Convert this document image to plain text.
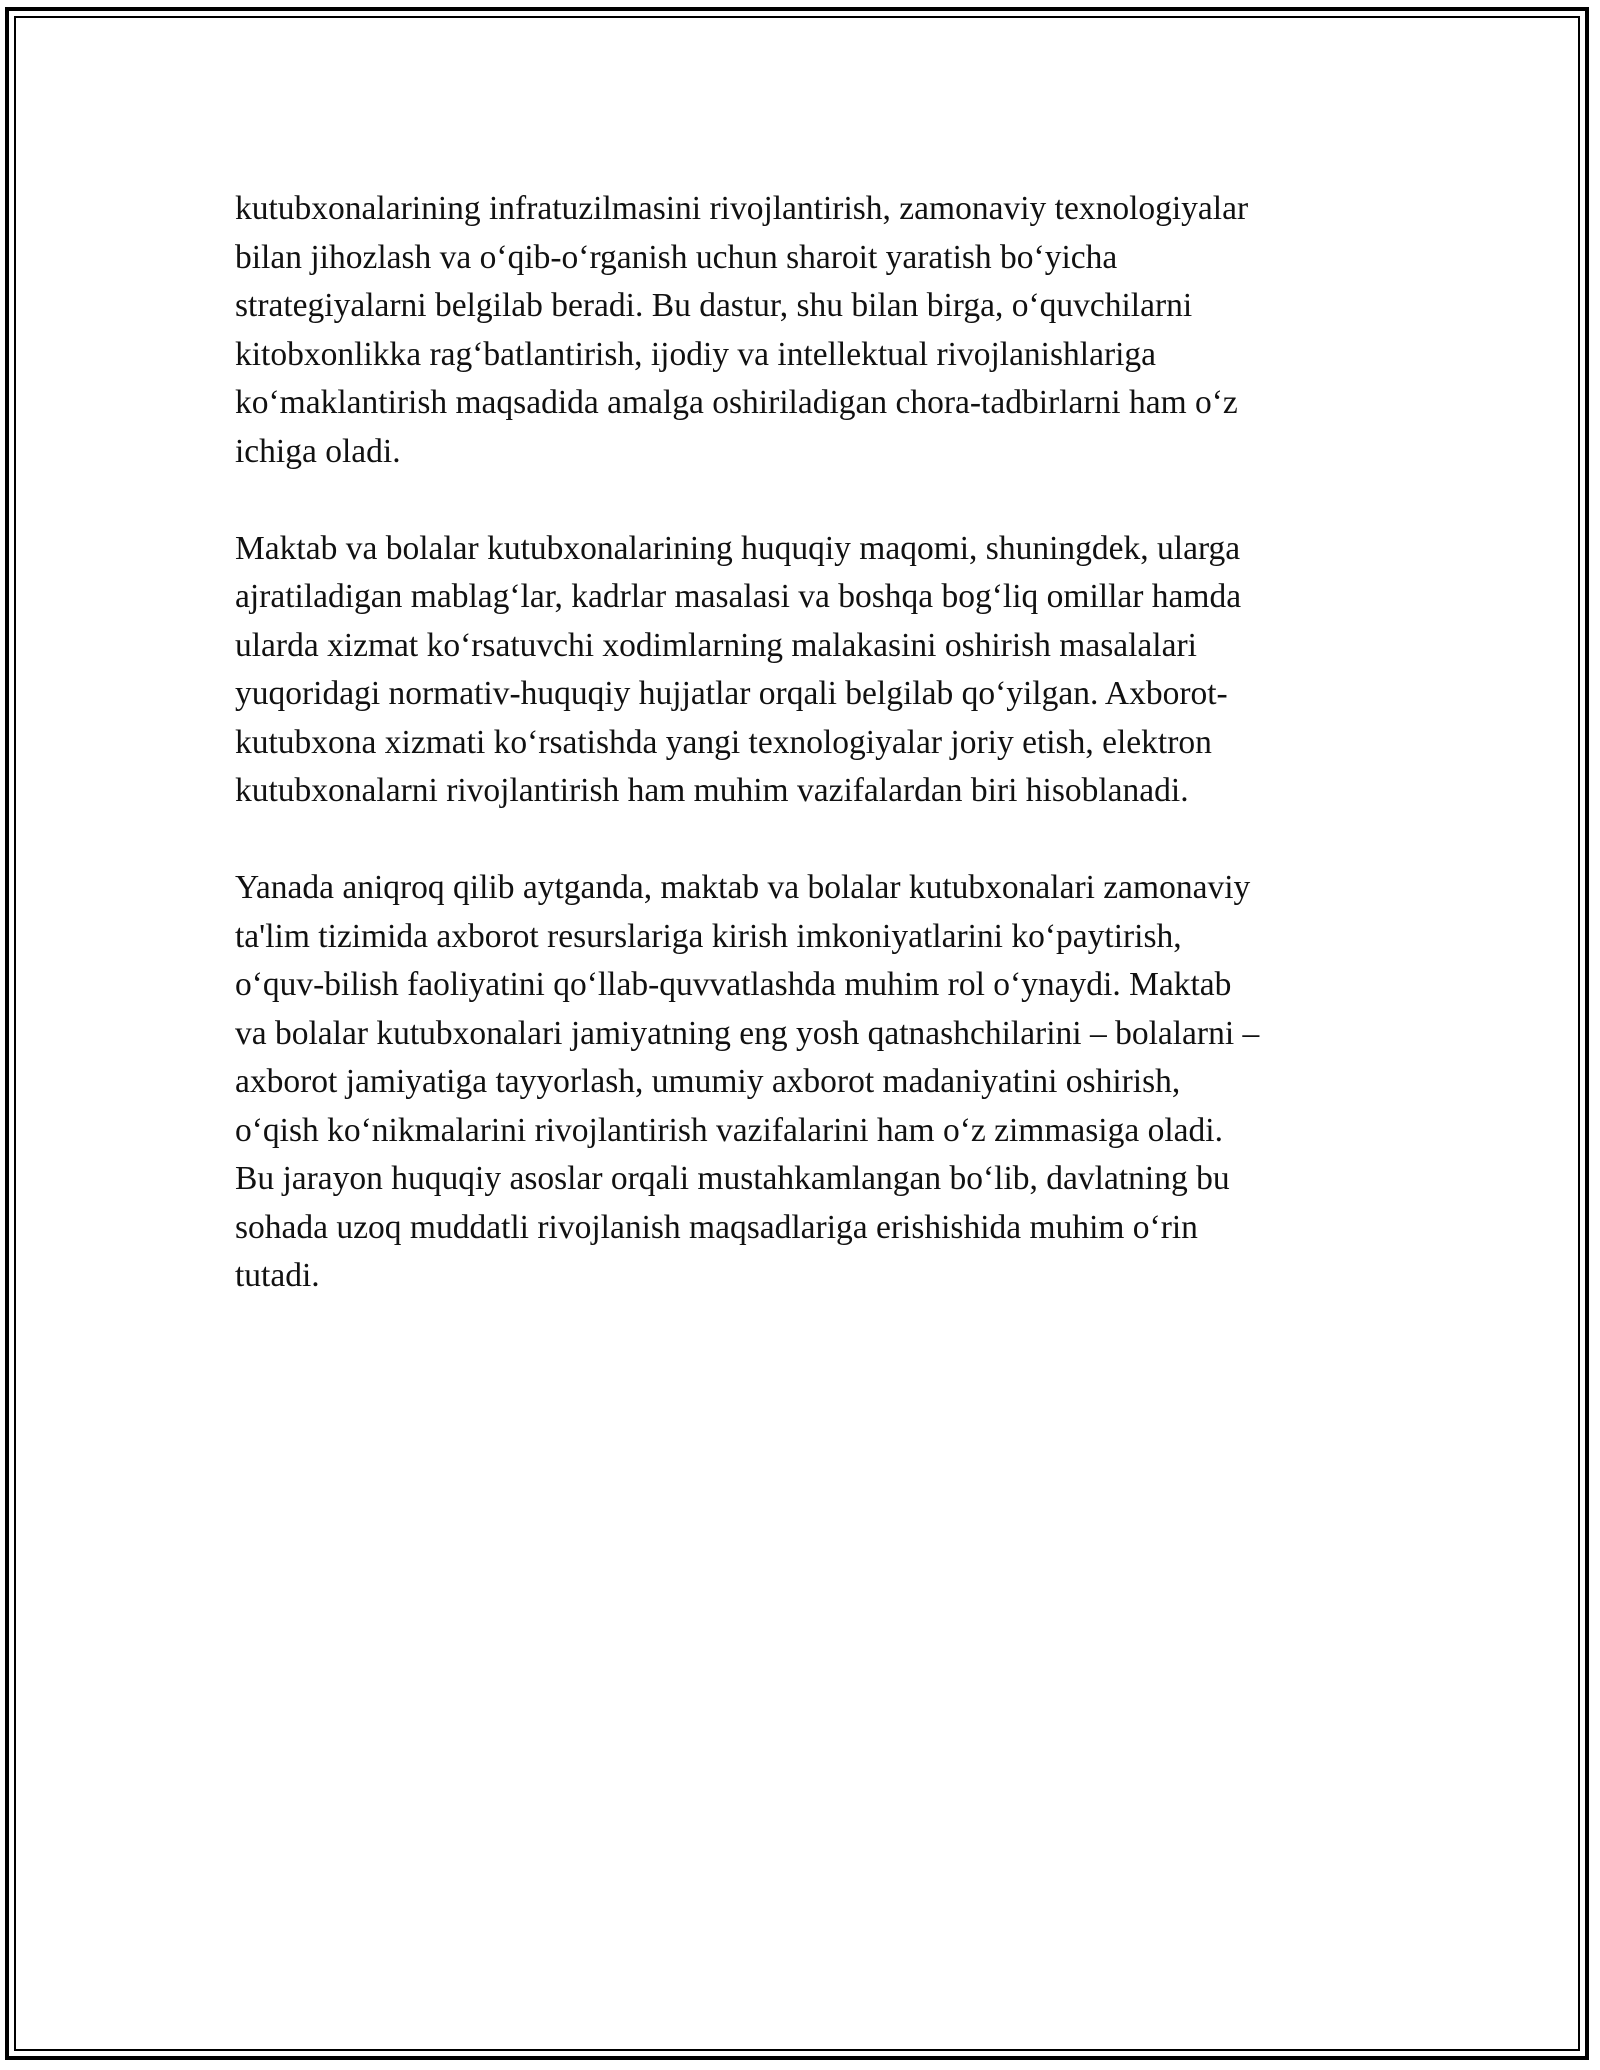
kutubxonalarining infratuzilmasini rivojlantirish, zamonaviy texnologiyalar
bilan jihozlash va o‘qib-o‘rganish uchun sharoit yaratish bo‘yicha
strategiyalarni belgilab beradi. Bu dastur, shu bilan birga, o‘quvchilarni
kitobxonlikka rag‘batlantirish, ijodiy va intellektual rivojlanishlariga
ko‘maklantirish maqsadida amalga oshiriladigan chora-tadbirlarni ham o‘z
ichiga oladi.

Maktab va bolalar kutubxonalarining huquqiy maqomi, shuningdek, ularga
ajratiladigan mablag‘lar, kadrlar masalasi va boshqa bog‘liq omillar hamda
ularda xizmat ko‘rsatuvchi xodimlarning malakasini oshirish masalalari
yuqoridagi normativ-huquqiy hujjatlar orqali belgilab qo‘yilgan. Axborot-
kutubxona xizmati ko‘rsatishda yangi texnologiyalar joriy etish, elektron
kutubxonalarni rivojlantirish ham muhim vazifalardan biri hisoblanadi.

Yanada aniqroq qilib aytganda, maktab va bolalar kutubxonalari zamonaviy
ta'lim tizimida axborot resurslariga kirish imkoniyatlarini ko‘paytirish,
o‘quv-bilish faoliyatini qo‘llab-quvvatlashda muhim rol o‘ynaydi. Maktab
va bolalar kutubxonalari jamiyatning eng yosh qatnashchilarini – bolalarni –
axborot jamiyatiga tayyorlash, umumiy axborot madaniyatini oshirish,
o‘qish ko‘nikmalarini rivojlantirish vazifalarini ham o‘z zimmasiga oladi.
Bu jarayon huquqiy asoslar orqali mustahkamlangan bo‘lib, davlatning bu
sohada uzoq muddatli rivojlanish maqsadlariga erishishida muhim o‘rin
tutadi.
